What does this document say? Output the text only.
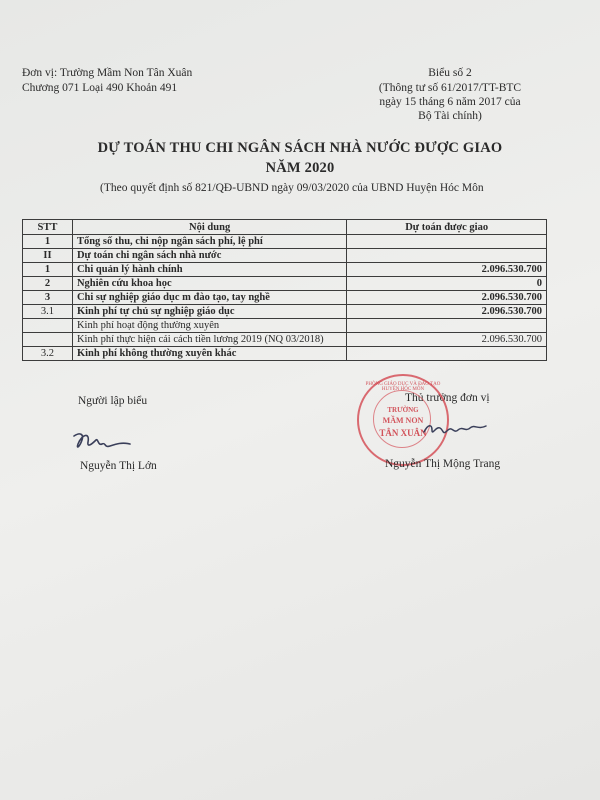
Đơn vị: Trường Mầm Non Tân Xuân
Chương 071 Loại 490 Khoản 491
Biểu số 2
(Thông tư số 61/2017/TT-BTC
ngày 15 tháng 6 năm 2017 của
Bộ Tài chính)
DỰ TOÁN THU CHI NGÂN SÁCH NHÀ NƯỚC ĐƯỢC GIAO
NĂM 2020
(Theo quyết định số 821/QĐ-UBND ngày 09/03/2020 của UBND Huyện Hóc Môn
STT	Nội dung	Dự toán được giao
1	Tổng số thu, chi nộp ngân sách phí, lệ phí	
II	Dự toán chi ngân sách nhà nước	
1	Chi quản lý hành chính	2.096.530.700
2	Nghiên cứu khoa học	0
3	Chi sự nghiệp giáo dục m đào tạo, tay nghề	2.096.530.700
3.1	Kinh phí tự chủ sự nghiệp giáo dục	2.096.530.700
	Kinh phí hoạt động thường xuyên	
	Kinh phí thực hiện cải cách tiền lương 2019 (NQ 03/2018)	2.096.530.700
3.2	Kinh phí không thường xuyên khác	
Người lập biểu
Nguyễn Thị Lớn
Thủ trưởng đơn vị
PHÒNG GIÁO DỤC VÀ ĐÀO TẠO HUYỆN HÓC MÔN
TRƯỜNG
MẦM NON
TÂN XUÂN
Nguyễn Thị Mộng Trang
